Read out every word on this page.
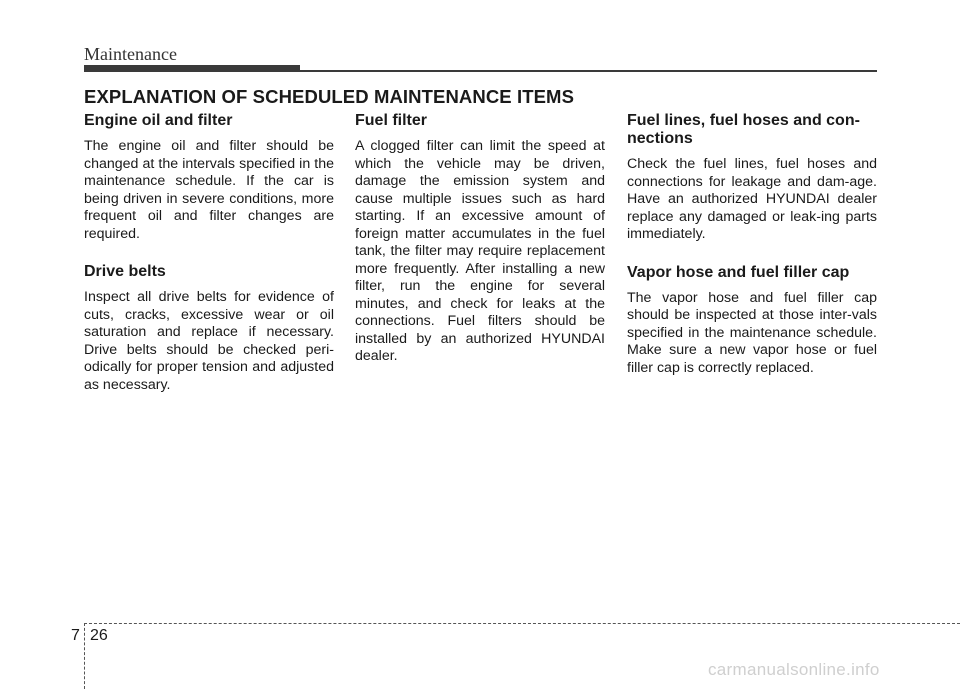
Maintenance
EXPLANATION OF SCHEDULED MAINTENANCE ITEMS
Engine oil and filter

The engine oil and filter should be changed at the intervals specified in the maintenance schedule. If the car is being driven in severe conditions, more frequent oil and filter changes are required.

Drive belts

Inspect all drive belts for evidence of cuts, cracks, excessive wear or oil saturation and replace if necessary. Drive belts should be checked peri-odically for proper tension and adjusted as necessary.

Fuel filter

A clogged filter can limit the speed at which the vehicle may be driven, damage the emission system and cause multiple issues such as hard starting. If an excessive amount of foreign matter accumulates in the fuel tank, the filter may require replacement more frequently. After installing a new filter, run the engine for several minutes, and check for leaks at the connections. Fuel filters should be installed by an authorized HYUNDAI dealer.

Fuel lines, fuel hoses and con-nections

Check the fuel lines, fuel hoses and connections for leakage and dam-age. Have an authorized HYUNDAI dealer replace any damaged or leak-ing parts immediately.

Vapor hose and fuel filler cap

The vapor hose and fuel filler cap should be inspected at those inter-vals specified in the maintenance schedule. Make sure a new vapor hose or fuel filler cap is correctly replaced.

7 26
carmanualsonline.info
